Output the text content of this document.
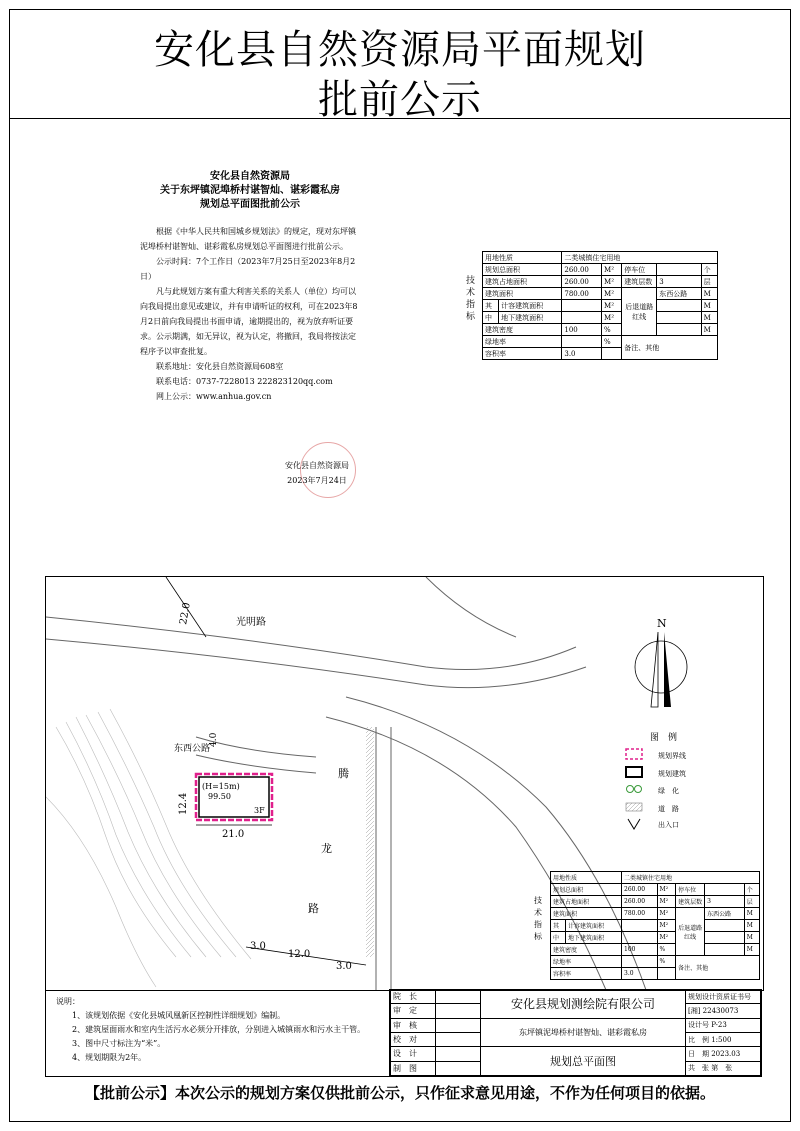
安化县自然资源局平面规划
批前公示
安化县自然资源局
关于东坪镇泥埠桥村谌智灿、谌彩霞私房
规划总平面图批前公示

根据《中华人民共和国城乡规划法》的规定，现对东坪镇泥埠桥村谌智灿、谌彩霞私房规划总平面图进行批前公示。

公示时间：7个工作日（2023年7月25日至2023年8月2日）

凡与此规划方案有重大利害关系的关系人（单位）均可以向我局提出意见或建议，并有申请听证的权利，可在2023年8月2日前向我局提出书面申请，逾期提出的，视为放弃听证要求。公示期满，如无异议，视为认定，将撤回，我局将按法定程序予以审查批复。

联系地址：安化县自然资源局608室

联系电话：0737-7228013 222823120qq.com

网上公示：www.anhua.gov.cn

安化县自然资源局
2023年7月24日
技术指标
用地性质		二类城镇住宅用地				
规划总面积		260.00	M²	停车位		个
建筑占地面积		260.00	M²	建筑层数	3	层
建筑面积		780.00	M²	后退道路红线	东西公路	M
其	计容建筑面积		M²			M
中	地下建筑面积		M²			M
建筑密度		100	%			M
绿地率			%	备注、其他		
容积率		3.0				
22.0	光明路
东西公路
4.0
(H=15m)
99.50
3F
12.4
21.0
3.0
12.0
3.0
腾
龙
路
N
图　例
规划界线
规划建筑
绿　化
道　路
出入口
技术指标
用地性质		二类城镇住宅用地				
规划总面积		260.00	M²	停车位		个
建筑占地面积		260.00	M²	建筑层数	3	层
建筑面积		780.00	M²	后退道路红线	东西公路	M
其	计容建筑面积		M²			M
中	地下建筑面积		M²			M
建筑密度		100	%			M
绿地率			%	备注、其他		
容积率		3.0				
说明：
1、该规划依据《安化县城风凰新区控制性详细规划》编制。
2、建筑屋面雨水和室内生活污水必须分开排放，分别进入城镇雨水和污水主干管。
3、图中尺寸标注为“米”。
4、规划期限为2年。
院　长		安化县规划测绘院有限公司	规划设计资质证书号
审　定			[湘] 22430073
审　核		东坪镇泥埠桥村谌智灿、谌彩霞私房	设计号 P-23
校　对			比　例 1:500
设　计		规划总平面图	日　期 2023.03
制　图			共　张 第　张
【批前公示】本次公示的规划方案仅供批前公示，只作征求意见用途，不作为任何项目的依据。
